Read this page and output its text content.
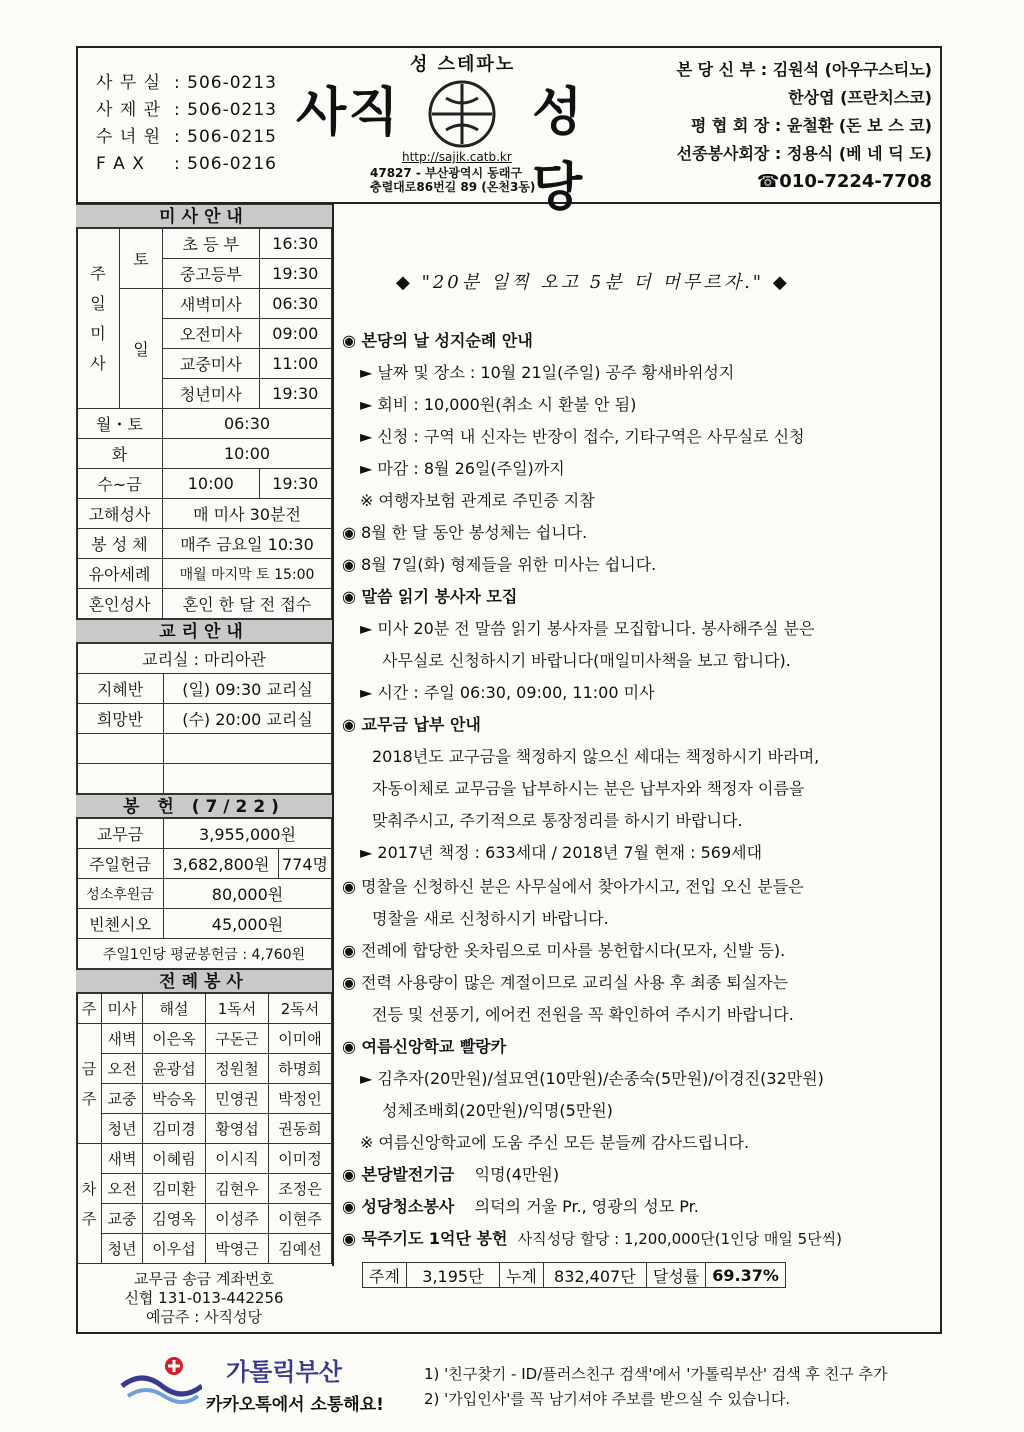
사 무 실 : 506-0213
사 제 관 : 506-0213
수 녀 원 : 506-0215
F A X : 506-0216
성 스테파노
사직	성당
http://sajik.catb.kr
47827 - 부산광역시 동래구
충렬대로86번길 89 (온천3동)
본 당 신 부 : 김원석 (아우구스티노)
한상엽 (프란치스코)
평 협 회 장 : 윤철환 (돈 보 스 코)
선종봉사회장 : 정용식 (베 네 딕 도)
☎010-7224-7708
미사안내
주일미사	토	초 등 부	16:30
		중고등부	19:30
	일	새벽미사	06:30
		오전미사	09:00
		교중미사	11:00
		청년미사	19:30
월・토		06:30	
화		10:00	
수~금		10:00	19:30
고해성사		매 미사 30분전	
봉 성 체		매주 금요일 10:30	
유아세례		매월 마지막 토 15:00	
혼인성사		혼인 한 달 전 접수	
교리안내
교리실 : 마리아관	
지혜반	(일) 09:30 교리실
희망반	(수) 20:00 교리실

봉 헌 (7/22)
교무금	3,955,000원	
주일헌금	3,682,800원	774명
성소후원금	80,000원	
빈첸시오	45,000원	
주일1인당 평균봉헌금 : 4,760원		
전례봉사
주	미사	해설	1독서	2독서
금주	새벽	이은옥	구돈근	이미애
	오전	윤광섭	정원철	하명희
	교중	박승옥	민영권	박정인
	청년	김미경	황영섭	권동희
차주	새벽	이혜림	이시직	이미정
	오전	김미환	김현우	조정은
	교중	김영옥	이성주	이현주
	청년	이우섭	박영근	김예선
교무금 송금 계좌번호
신협 131-013-442256
예금주 : 사직성당
◆ "20분 일찍 오고 5분 더 머무르자." ◆
◉ 본당의 날 성지순례 안내
► 날짜 및 장소 : 10월 21일(주일) 공주 황새바위성지
► 회비 : 10,000원(취소 시 환불 안 됨)
► 신청 : 구역 내 신자는 반장이 접수, 기타구역은 사무실로 신청
► 마감 : 8월 26일(주일)까지
※ 여행자보험 관계로 주민증 지참
◉ 8월 한 달 동안 봉성체는 쉽니다.
◉ 8월 7일(화) 형제들을 위한 미사는 쉽니다.
◉ 말씀 읽기 봉사자 모집
► 미사 20분 전 말씀 읽기 봉사자를 모집합니다. 봉사해주실 분은
사무실로 신청하시기 바랍니다(매일미사책을 보고 합니다).
► 시간 : 주일 06:30, 09:00, 11:00 미사
◉ 교무금 납부 안내
2018년도 교구금을 책정하지 않으신 세대는 책정하시기 바라며,
자동이체로 교무금을 납부하시는 분은 납부자와 책정자 이름을
맞춰주시고, 주기적으로 통장정리를 하시기 바랍니다.
► 2017년 책정 : 633세대 / 2018년 7월 현재 : 569세대
◉ 명찰을 신청하신 분은 사무실에서 찾아가시고, 전입 오신 분들은
명찰을 새로 신청하시기 바랍니다.
◉ 전례에 합당한 옷차림으로 미사를 봉헌합시다(모자, 신발 등).
◉ 전력 사용량이 많은 계절이므로 교리실 사용 후 최종 퇴실자는
전등 및 선풍기, 에어컨 전원을 꼭 확인하여 주시기 바랍니다.
◉ 여름신앙학교 빨랑카
► 김추자(20만원)/설묘연(10만원)/손종숙(5만원)/이경진(32만원)
성체조배회(20만원)/익명(5만원)
※ 여름신앙학교에 도움 주신 모든 분들께 감사드립니다.
◉ 본당발전기금 익명(4만원)
◉ 성당청소봉사 의덕의 거울 Pr., 영광의 성모 Pr.
◉ 묵주기도 1억단 봉헌 사직성당 할당 : 1,200,000단(1인당 매일 5단씩)
주계	3,195단	누계	832,407단	달성률	69.37%
가톨릭부산
카카오톡에서 소통해요!
1) '친구찾기 - ID/플러스친구 검색'에서 '가톨릭부산' 검색 후 친구 추가
2) '가입인사'를 꼭 남기셔야 주보를 받으실 수 있습니다.
